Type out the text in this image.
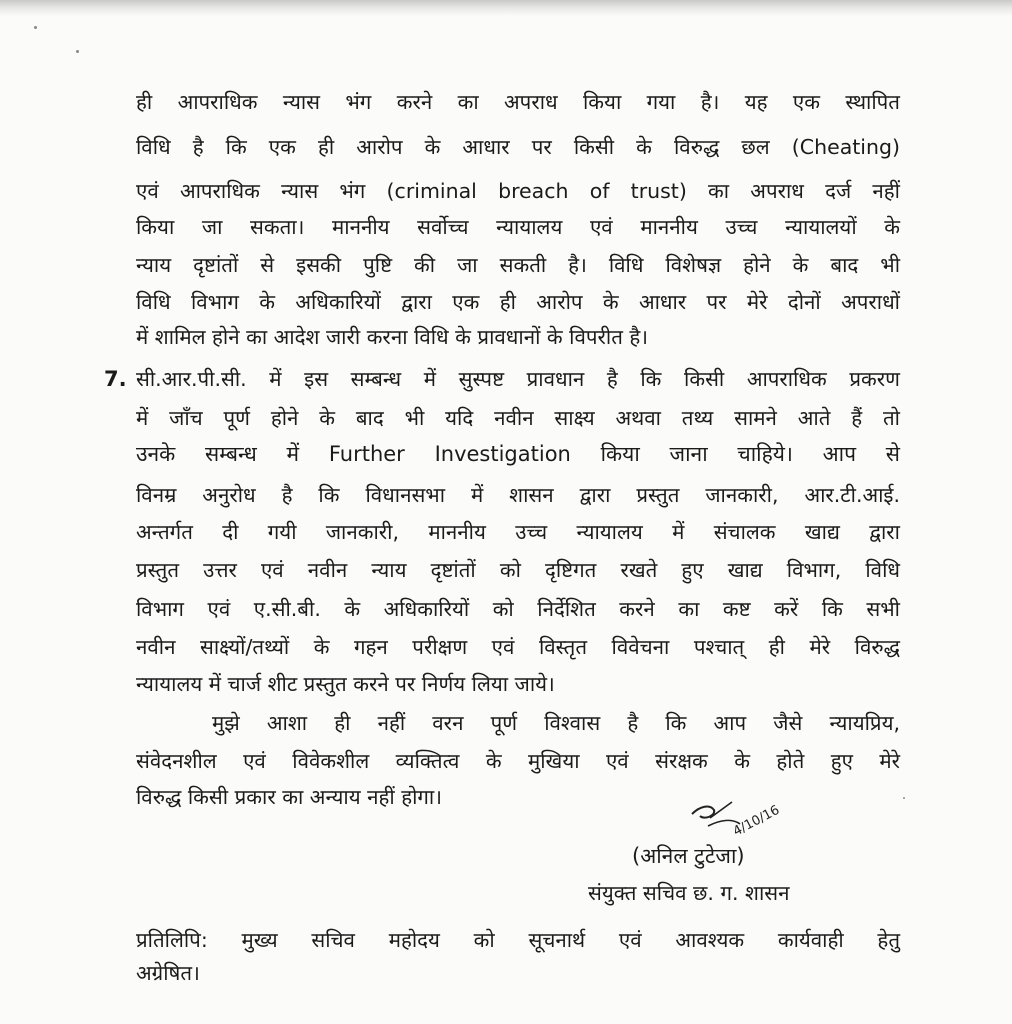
ही आपराधिक न्यास भंग करने का अपराध किया गया है। यह एक स्थापित
विधि है कि एक ही आरोप के आधार पर किसी के विरुद्ध छल (Cheating)
एवं आपराधिक न्यास भंग (criminal breach of trust) का अपराध दर्ज नहीं
किया जा सकता। माननीय सर्वोच्च न्यायालय एवं माननीय उच्च न्यायालयों के
न्याय दृष्टांतों से इसकी पुष्टि की जा सकती है। विधि विशेषज्ञ होने के बाद भी
विधि विभाग के अधिकारियों द्वारा एक ही आरोप के आधार पर मेरे दोनों अपराधों
में शामिल होने का आदेश जारी करना विधि के प्रावधानों के विपरीत है।
7. सी.आर.पी.सी. में इस सम्बन्ध में सुस्पष्ट प्रावधान है कि किसी आपराधिक प्रकरण
में जाँच पूर्ण होने के बाद भी यदि नवीन साक्ष्य अथवा तथ्य सामने आते हैं तो
उनके सम्बन्ध में Further Investigation किया जाना चाहिये। आप से
विनम्र अनुरोध है कि विधानसभा में शासन द्वारा प्रस्तुत जानकारी, आर.टी.आई.
अन्तर्गत दी गयी जानकारी, माननीय उच्च न्यायालय में संचालक खाद्य द्वारा
प्रस्तुत उत्तर एवं नवीन न्याय दृष्टांतों को दृष्टिगत रखते हुए खाद्य विभाग, विधि
विभाग एवं ए.सी.बी. के अधिकारियों को निर्देशित करने का कष्ट करें कि सभी
नवीन साक्ष्यों/तथ्यों के गहन परीक्षण एवं विस्तृत विवेचना पश्चात् ही मेरे विरुद्ध
न्यायालय में चार्ज शीट प्रस्तुत करने पर निर्णय लिया जाये।
मुझे आशा ही नहीं वरन पूर्ण विश्वास है कि आप जैसे न्यायप्रिय,
संवेदनशील एवं विवेकशील व्यक्तित्व के मुखिया एवं संरक्षक के होते हुए मेरे
विरुद्ध किसी प्रकार का अन्याय नहीं होगा।
4/10/16
(अनिल टुटेजा)
संयुक्त सचिव छ. ग. शासन
प्रतिलिपि: मुख्य सचिव महोदय को सूचनार्थ एवं आवश्यक कार्यवाही हेतु
अग्रेषित।
